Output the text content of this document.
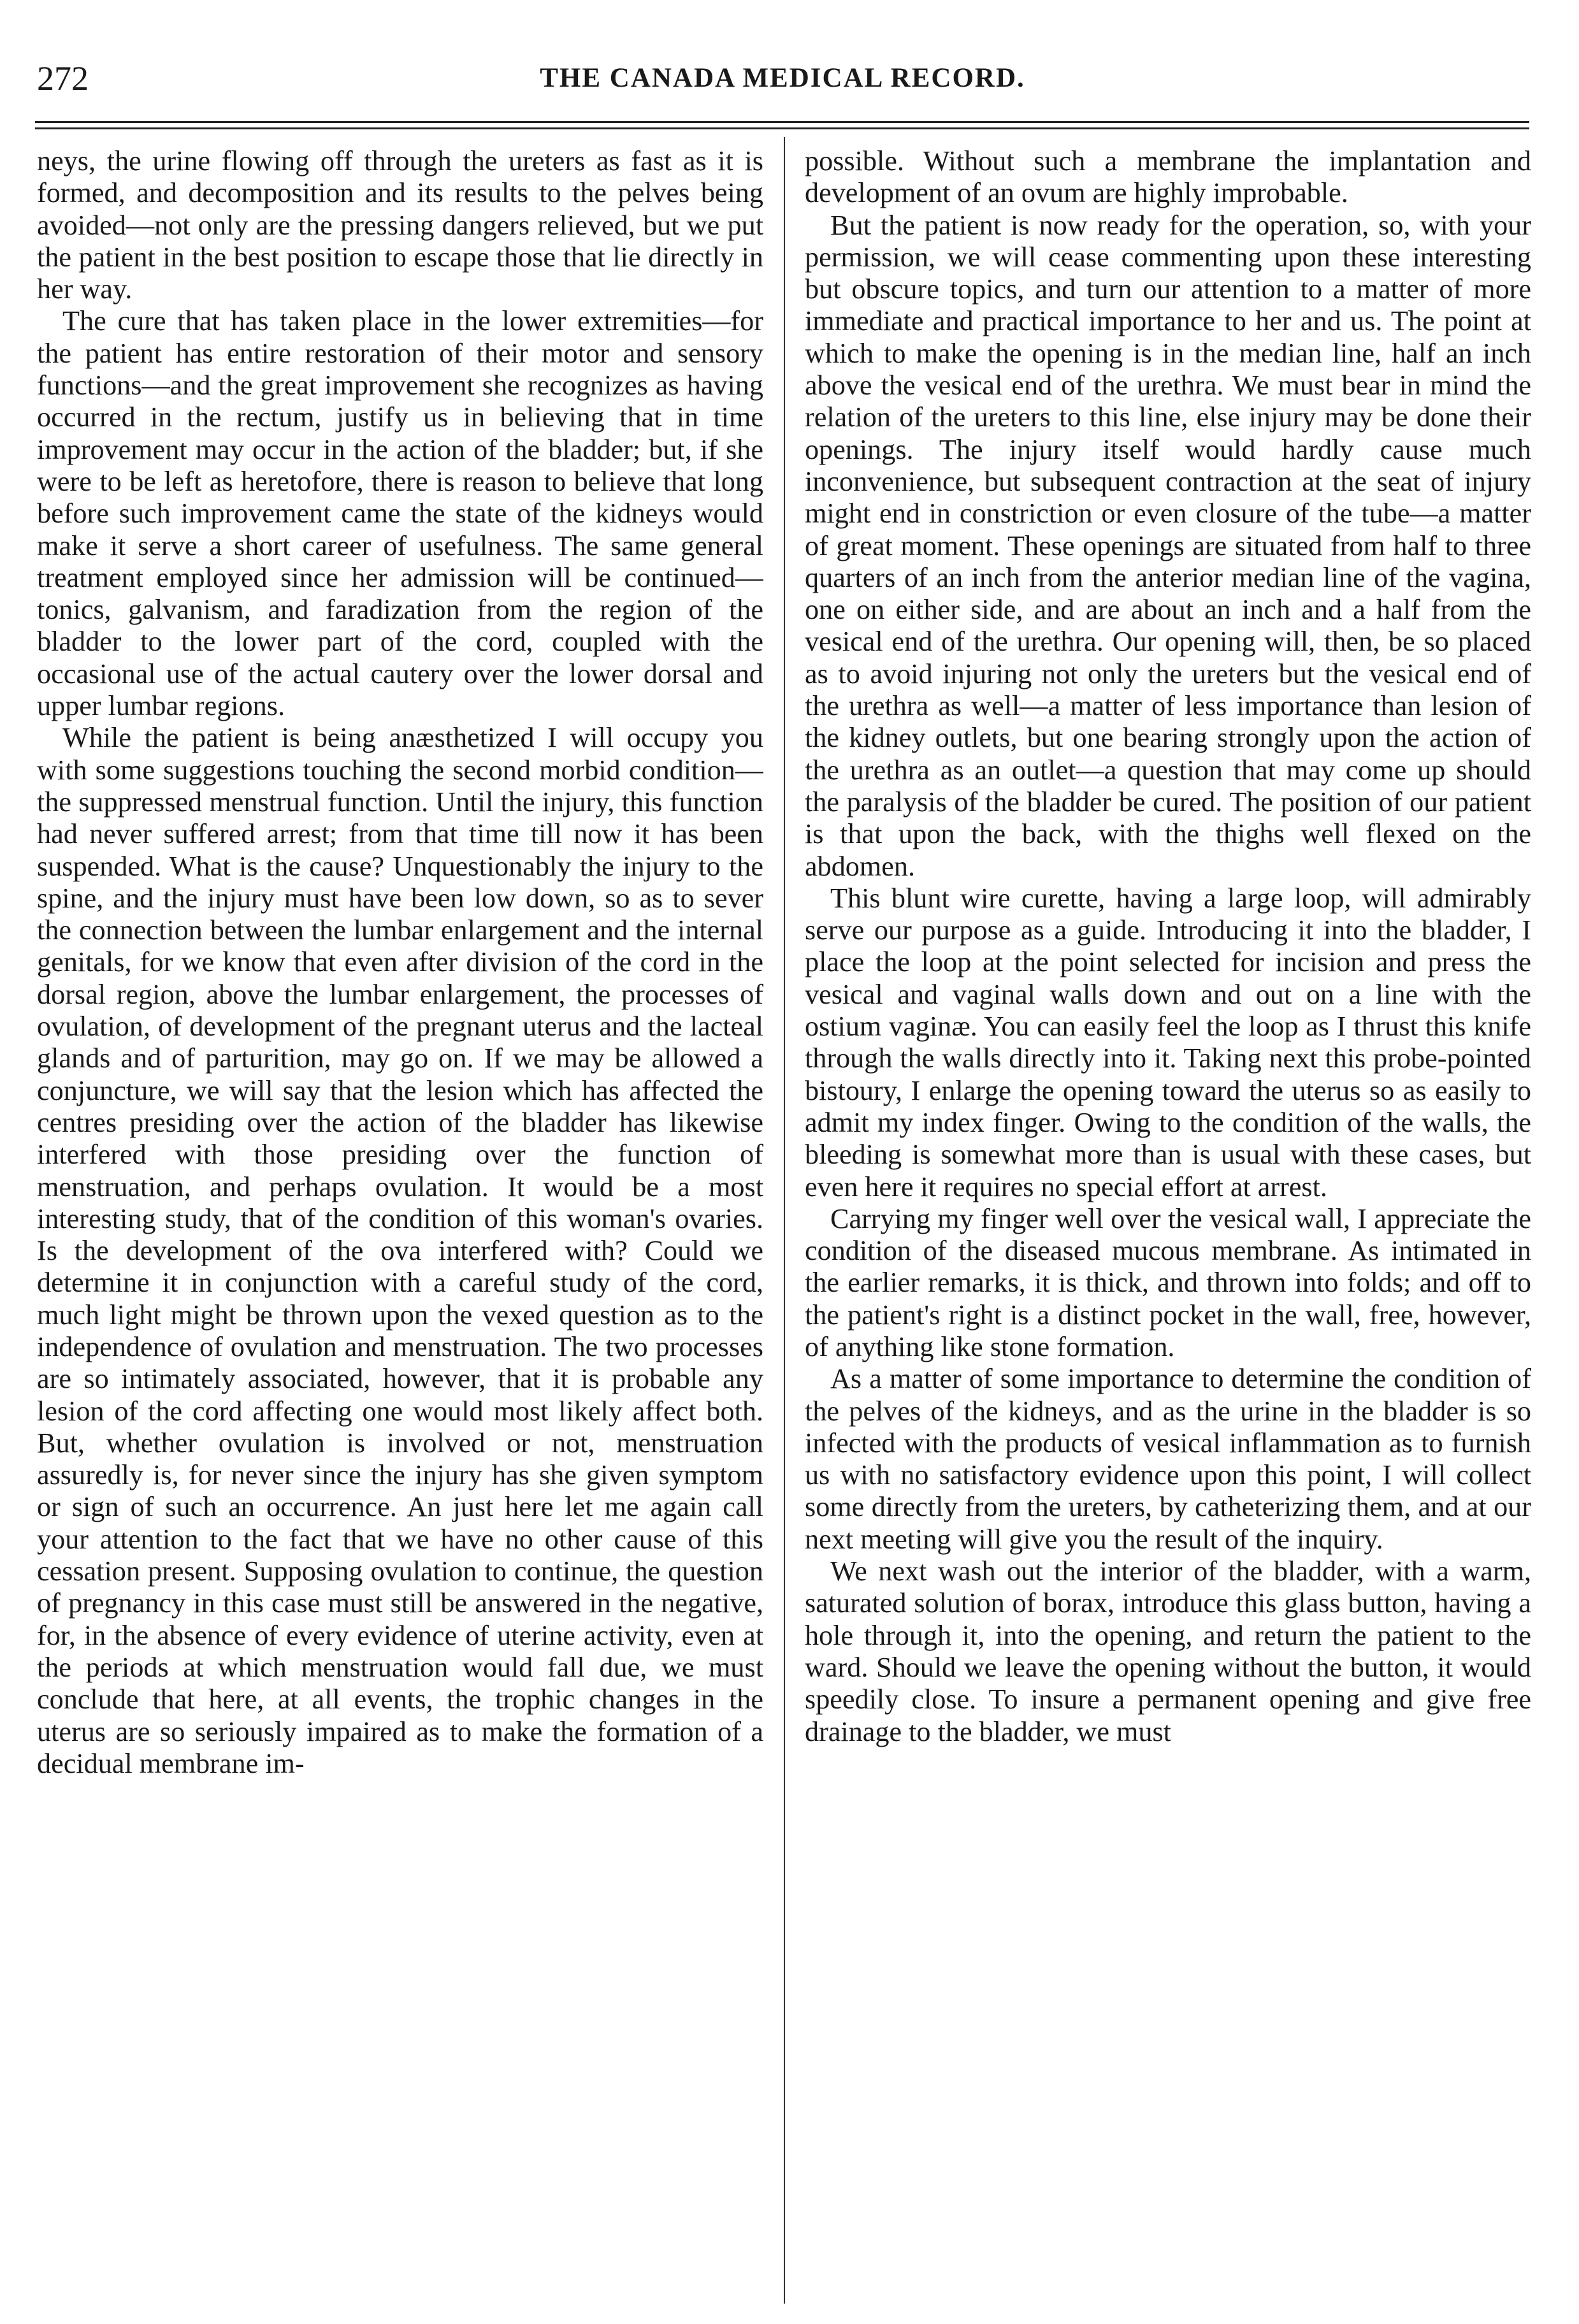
272	THE CANADA MEDICAL RECORD.

neys, the urine flowing off through the ureters as fast as it is formed, and decomposition and its results to the pelves being avoided—not only are the pressing dangers relieved, but we put the patient in the best position to escape those that lie directly in her way.

The cure that has taken place in the lower extremities—for the patient has entire restoration of their motor and sensory functions—and the great improvement she recognizes as having occurred in the rectum, justify us in believing that in time improvement may occur in the action of the bladder; but, if she were to be left as heretofore, there is reason to believe that long before such improvement came the state of the kidneys would make it serve a short career of usefulness. The same general treatment employed since her admission will be continued—tonics, galvanism, and faradization from the region of the bladder to the lower part of the cord, coupled with the occasional use of the actual cautery over the lower dorsal and upper lumbar regions.

While the patient is being anæsthetized I will occupy you with some suggestions touching the second morbid condition—the suppressed menstrual function. Until the injury, this function had never suffered arrest; from that time till now it has been suspended. What is the cause? Unquestionably the injury to the spine, and the injury must have been low down, so as to sever the connection between the lumbar enlargement and the internal genitals, for we know that even after division of the cord in the dorsal region, above the lumbar enlargement, the processes of ovulation, of development of the pregnant uterus and the lacteal glands and of parturition, may go on. If we may be allowed a conjuncture, we will say that the lesion which has affected the centres presiding over the action of the bladder has likewise interfered with those presiding over the function of menstruation, and perhaps ovulation. It would be a most interesting study, that of the condition of this woman's ovaries. Is the development of the ova interfered with? Could we determine it in conjunction with a careful study of the cord, much light might be thrown upon the vexed question as to the independence of ovulation and menstruation. The two processes are so intimately associated, however, that it is probable any lesion of the cord affecting one would most likely affect both. But, whether ovulation is involved or not, menstruation assuredly is, for never since the injury has she given symptom or sign of such an occurrence. An just here let me again call your attention to the fact that we have no other cause of this cessation present. Supposing ovulation to continue, the question of pregnancy in this case must still be answered in the negative, for, in the absence of every evidence of uterine activity, even at the periods at which menstruation would fall due, we must conclude that here, at all events, the trophic changes in the uterus are so seriously impaired as to make the formation of a decidual membrane im-

possible. Without such a membrane the implantation and development of an ovum are highly improbable.

But the patient is now ready for the operation, so, with your permission, we will cease commenting upon these interesting but obscure topics, and turn our attention to a matter of more immediate and practical importance to her and us. The point at which to make the opening is in the median line, half an inch above the vesical end of the urethra. We must bear in mind the relation of the ureters to this line, else injury may be done their openings. The injury itself would hardly cause much inconvenience, but subsequent contraction at the seat of injury might end in constriction or even closure of the tube—a matter of great moment. These openings are situated from half to three quarters of an inch from the anterior median line of the vagina, one on either side, and are about an inch and a half from the vesical end of the urethra. Our opening will, then, be so placed as to avoid injuring not only the ureters but the vesical end of the urethra as well—a matter of less importance than lesion of the kidney outlets, but one bearing strongly upon the action of the urethra as an outlet—a question that may come up should the paralysis of the bladder be cured. The position of our patient is that upon the back, with the thighs well flexed on the abdomen.

This blunt wire curette, having a large loop, will admirably serve our purpose as a guide. Introducing it into the bladder, I place the loop at the point selected for incision and press the vesical and vaginal walls down and out on a line with the ostium vaginæ. You can easily feel the loop as I thrust this knife through the walls directly into it. Taking next this probe-pointed bistoury, I enlarge the opening toward the uterus so as easily to admit my index finger. Owing to the condition of the walls, the bleeding is somewhat more than is usual with these cases, but even here it requires no special effort at arrest.

Carrying my finger well over the vesical wall, I appreciate the condition of the diseased mucous membrane. As intimated in the earlier remarks, it is thick, and thrown into folds; and off to the patient's right is a distinct pocket in the wall, free, however, of anything like stone formation.

As a matter of some importance to determine the condition of the pelves of the kidneys, and as the urine in the bladder is so infected with the products of vesical inflammation as to furnish us with no satisfactory evidence upon this point, I will collect some directly from the ureters, by catheterizing them, and at our next meeting will give you the result of the inquiry.

We next wash out the interior of the bladder, with a warm, saturated solution of borax, introduce this glass button, having a hole through it, into the opening, and return the patient to the ward. Should we leave the opening without the button, it would speedily close. To insure a permanent opening and give free drainage to the bladder, we must
